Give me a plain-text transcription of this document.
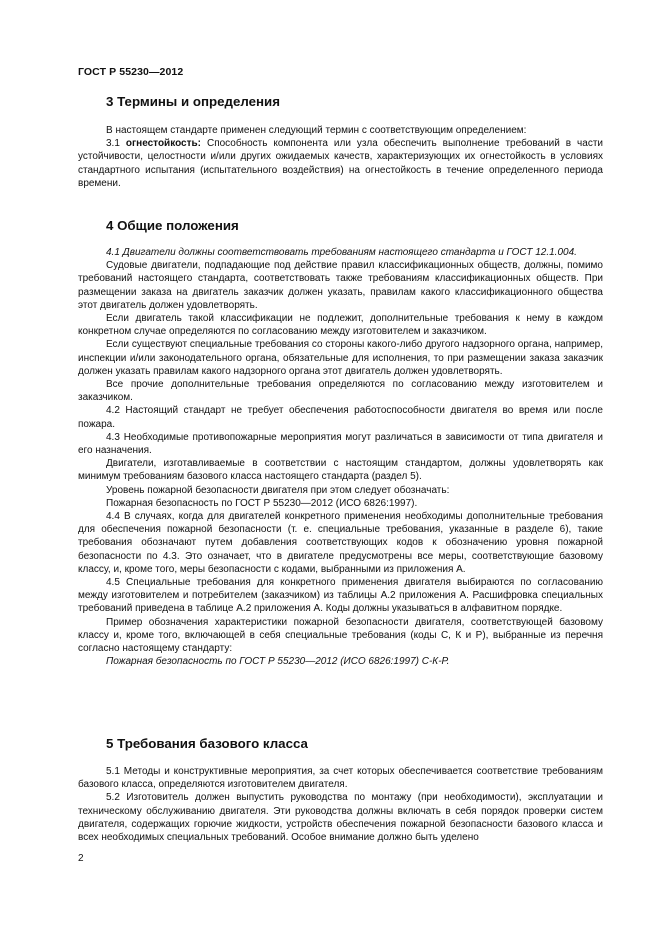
ГОСТ Р 55230—2012
3 Термины и определения

В настоящем стандарте применен следующий термин с соответствующим определением:

3.1 огнестойкость: Способность компонента или узла обеспечить выполнение требований в части устойчивости, целостности и/или других ожидаемых качеств, характеризующих их огнестойкость в условиях стандартного испытания (испытательного воздействия) на огнестойкость в течение определенного периода времени.

4 Общие положения

4.1 Двигатели должны соответствовать требованиям настоящего стандарта и ГОСТ 12.1.004.

Судовые двигатели, подпадающие под действие правил классификационных обществ, должны, помимо требований настоящего стандарта, соответствовать также требованиям классификационных обществ. При размещении заказа на двигатель заказчик должен указать, правилам какого классификационного общества этот двигатель должен удовлетворять.

Если двигатель такой классификации не подлежит, дополнительные требования к нему в каждом конкретном случае определяются по согласованию между изготовителем и заказчиком.

Если существуют специальные требования со стороны какого-либо другого надзорного органа, например, инспекции и/или законодательного органа, обязательные для исполнения, то при размещении заказа заказчик должен указать правилам какого надзорного органа этот двигатель должен удовлетворять.

Все прочие дополнительные требования определяются по согласованию между изготовителем и заказчиком.

4.2 Настоящий стандарт не требует обеспечения работоспособности двигателя во время или после пожара.

4.3 Необходимые противопожарные мероприятия могут различаться в зависимости от типа двигателя и его назначения.

Двигатели, изготавливаемые в соответствии с настоящим стандартом, должны удовлетворять как минимум требованиям базового класса настоящего стандарта (раздел 5).

Уровень пожарной безопасности двигателя при этом следует обозначать:

Пожарная безопасность по ГОСТ Р 55230—2012 (ИСО 6826:1997).

4.4 В случаях, когда для двигателей конкретного применения необходимы дополнительные требования для обеспечения пожарной безопасности (т. е. специальные требования, указанные в разделе 6), такие требования обозначают путем добавления соответствующих кодов к обозначению уровня пожарной безопасности по 4.3. Это означает, что в двигателе предусмотрены все меры, соответствующие базовому классу, и, кроме того, меры безопасности с кодами, выбранными из приложения А.

4.5 Специальные требования для конкретного применения двигателя выбираются по согласованию между изготовителем и потребителем (заказчиком) из таблицы А.2 приложения А. Расшифровка специальных требований приведена в таблице А.2 приложения А. Коды должны указываться в алфавитном порядке.

Пример обозначения характеристики пожарной безопасности двигателя, соответствующей базовому классу и, кроме того, включающей в себя специальные требования (коды С, К и Р), выбранные из перечня согласно настоящему стандарту:

Пожарная безопасность по ГОСТ Р 55230—2012 (ИСО 6826:1997) С-К-Р.

5 Требования базового класса

5.1 Методы и конструктивные мероприятия, за счет которых обеспечивается соответствие требованиям базового класса, определяются изготовителем двигателя.

5.2 Изготовитель должен выпустить руководства по монтажу (при необходимости), эксплуатации и техническому обслуживанию двигателя. Эти руководства должны включать в себя порядок проверки систем двигателя, содержащих горючие жидкости, устройств обеспечения пожарной безопасности базового класса и всех необходимых специальных требований. Особое внимание должно быть уделено

2
